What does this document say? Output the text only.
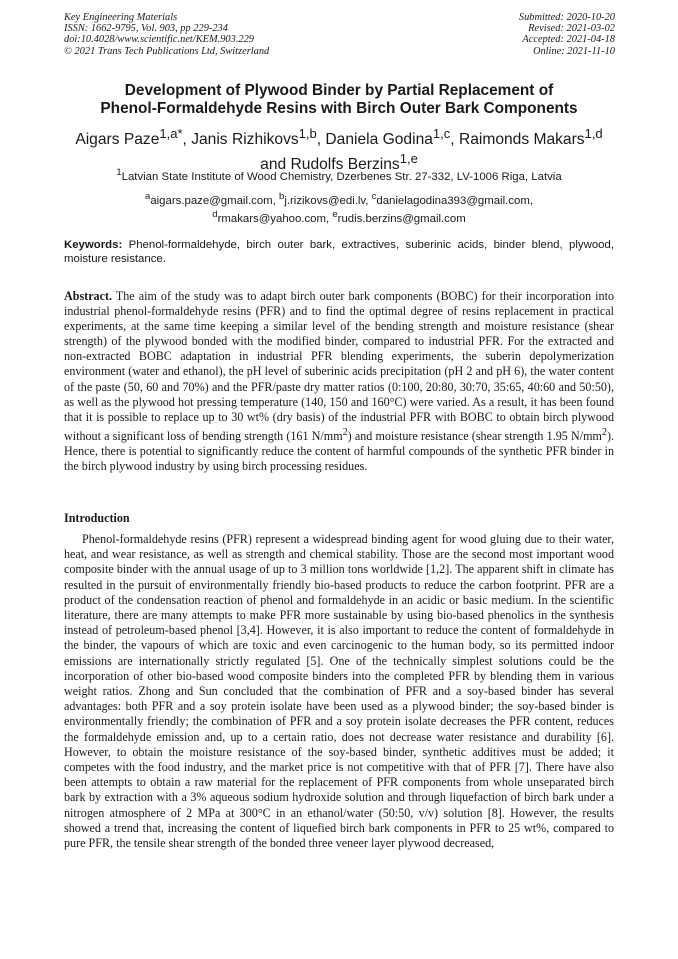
Key Engineering Materials
ISSN: 1662-9795, Vol. 903, pp 229-234
doi:10.4028/www.scientific.net/KEM.903.229
© 2021 Trans Tech Publications Ltd, Switzerland
Submitted: 2020-10-20
Revised: 2021-03-02
Accepted: 2021-04-18
Online: 2021-11-10
Development of Plywood Binder by Partial Replacement of
Phenol-Formaldehyde Resins with Birch Outer Bark Components
Aigars Paze$^{1,a*}$, Janis Rizhikovs$^{1,b}$, Daniela Godina$^{1,c}$, Raimonds Makars$^{1,d}$
and Rudolfs Berzins$^{1,e}$
$^1$Latvian State Institute of Wood Chemistry, Dzerbenes Str. 27-332, LV-1006 Riga, Latvia
$^a$aigars.paze@gmail.com, $^b$j.rizikovs@edi.lv, $^c$danielagodina393@gmail.com,
$^d$rmakars@yahoo.com, $^e$rudis.berzins@gmail.com
Keywords: Phenol-formaldehyde, birch outer bark, extractives, suberinic acids, binder blend, plywood, moisture resistance.

Abstract. The aim of the study was to adapt birch outer bark components (BOBC) for their incorporation into industrial phenol-formaldehyde resins (PFR) and to find the optimal degree of resins replacement in practical experiments, at the same time keeping a similar level of the bending strength and moisture resistance (shear strength) of the plywood bonded with the modified binder, compared to industrial PFR. For the extracted and non-extracted BOBC adaptation in industrial PFR blending experiments, the suberin depolymerization environment (water and ethanol), the pH level of suberinic acids precipitation (pH 2 and pH 6), the water content of the paste (50, 60 and 70%) and the PFR/paste dry matter ratios (0:100, 20:80, 30:70, 35:65, 40:60 and 50:50), as well as the plywood hot pressing temperature (140, 150 and 160°C) were varied. As a result, it has been found that it is possible to replace up to 30 wt% (dry basis) of the industrial PFR with BOBC to obtain birch plywood without a significant loss of bending strength (161 $N/mm^2$) and moisture resistance (shear strength 1.95 $N/mm^2$). Hence, there is potential to significantly reduce the content of harmful compounds of the synthetic PFR binder in the birch plywood industry by using birch processing residues.

Introduction

Phenol-formaldehyde resins (PFR) represent a widespread binding agent for wood gluing due to their water, heat, and wear resistance, as well as strength and chemical stability. Those are the second most important wood composite binder with the annual usage of up to 3 million tons worldwide [1,2]. The apparent shift in climate has resulted in the pursuit of environmentally friendly bio-based products to reduce the carbon footprint. PFR are a product of the condensation reaction of phenol and formaldehyde in an acidic or basic medium. In the scientific literature, there are many attempts to make PFR more sustainable by using bio-based phenolics in the synthesis instead of petroleum-based phenol [3,4]. However, it is also important to reduce the content of formaldehyde in the binder, the vapours of which are toxic and even carcinogenic to the human body, so its permitted indoor emissions are internationally strictly regulated [5]. One of the technically simplest solutions could be the incorporation of other bio-based wood composite binders into the completed PFR by blending them in various weight ratios. Zhong and Sun concluded that the combination of PFR and a soy-based binder has several advantages: both PFR and a soy protein isolate have been used as a plywood binder; the soy-based binder is environmentally friendly; the combination of PFR and a soy protein isolate decreases the PFR content, reduces the formaldehyde emission and, up to a certain ratio, does not decrease water resistance and durability [6]. However, to obtain the moisture resistance of the soy-based binder, synthetic additives must be added; it competes with the food industry, and the market price is not competitive with that of PFR [7]. There have also been attempts to obtain a raw material for the replacement of PFR components from whole unseparated birch bark by extraction with a 3% aqueous sodium hydroxide solution and through liquefaction of birch bark under a nitrogen atmosphere of 2 MPa at 300°C in an ethanol/water (50:50, v/v) solution [8]. However, the results showed a trend that, increasing the content of liquefied birch bark components in PFR to 25 wt%, compared to pure PFR, the tensile shear strength of the bonded three veneer layer plywood decreased,
